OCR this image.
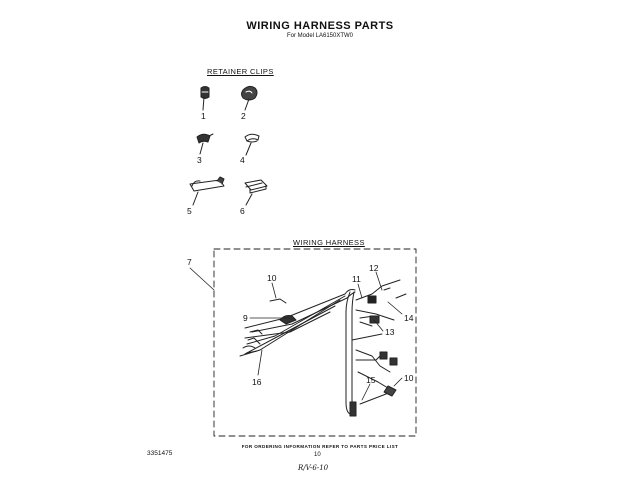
WIRING HARNESS PARTS
For Model LA6150XTW0
RETAINER CLIPS
1	2
3	4
5	6
WIRING HARNESS
7
9
10	11
12
14
13
16	15	10
FOR ORDERING INFORMATION REFER TO PARTS PRICE LIST
3351475	10
R/V-6-10
